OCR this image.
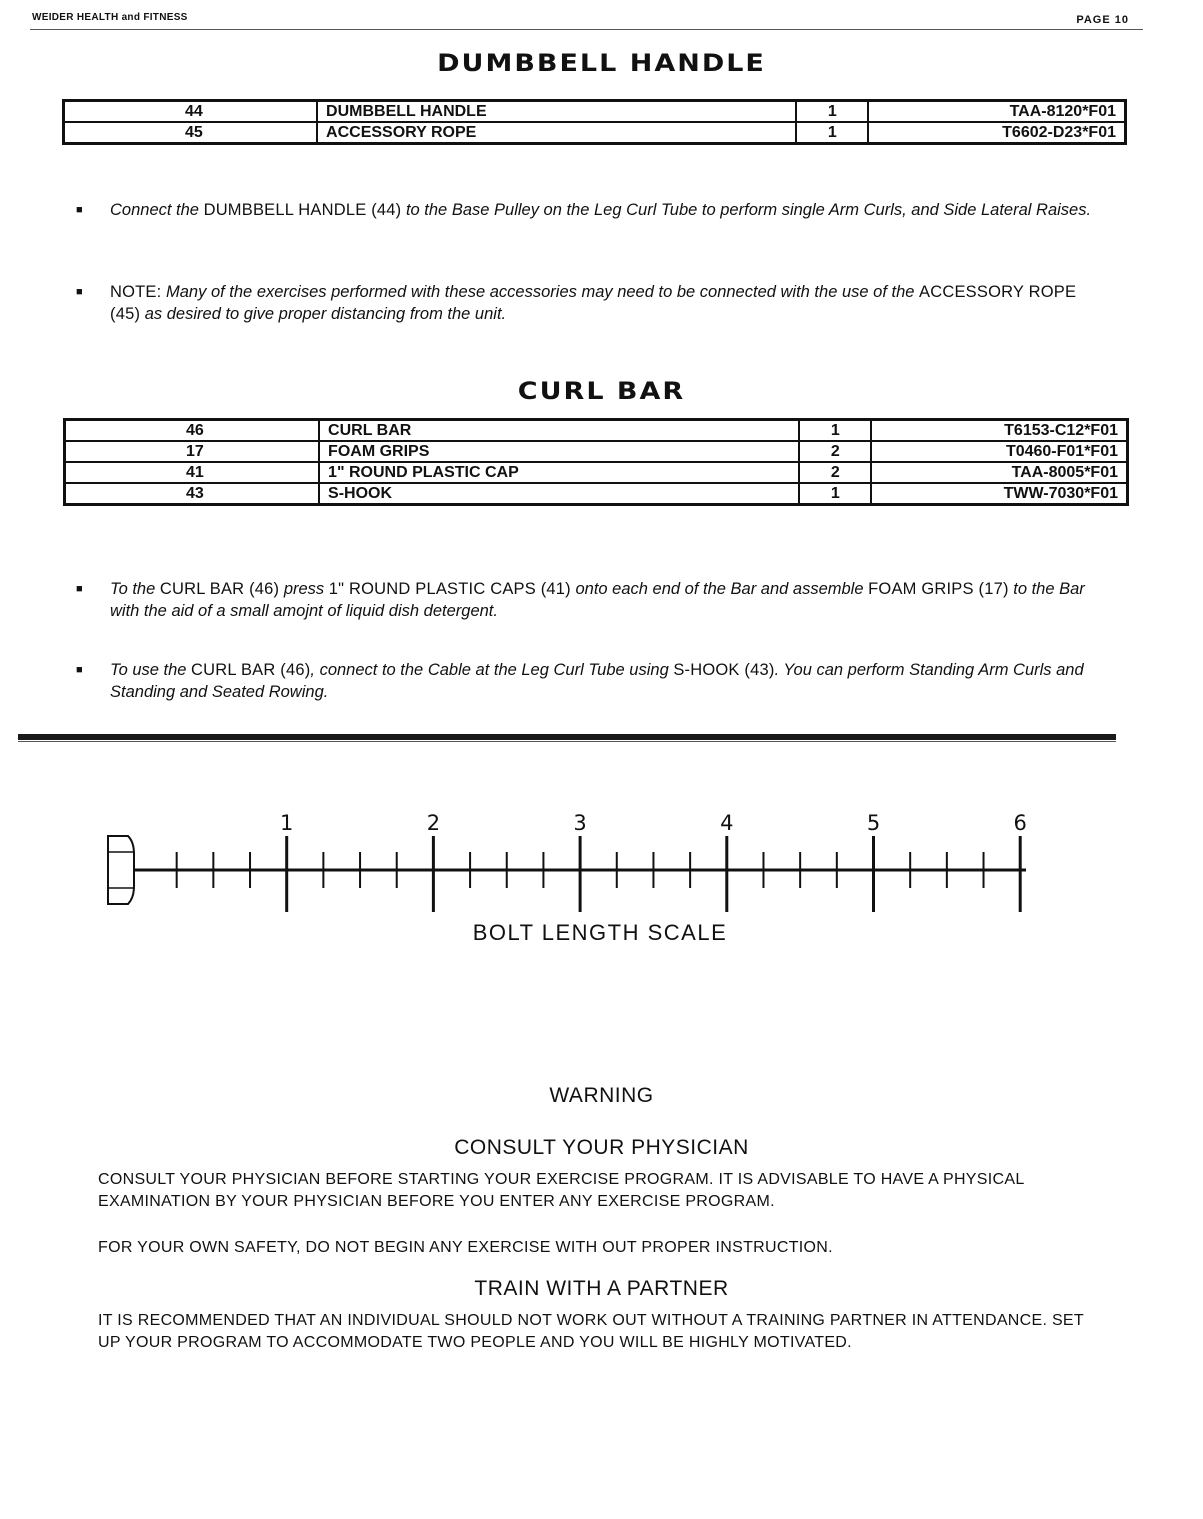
WEIDER HEALTH and FITNESS	PAGE 10
DUMBBELL HANDLE
44	DUMBBELL HANDLE	1	TAA-8120*F01
45	ACCESSORY ROPE	1	T6602-D23*F01
■ Connect the DUMBBELL HANDLE (44) to the Base Pulley on the Leg Curl Tube to perform single Arm Curls, and Side Lateral Raises.
■ NOTE: Many of the exercises performed with these accessories may need to be connected with the use of the ACCESSORY ROPE (45) as desired to give proper distancing from the unit.
CURL BAR
46	CURL BAR	1	T6153-C12*F01
17	FOAM GRIPS	2	T0460-F01*F01
41	1" ROUND PLASTIC CAP	2	TAA-8005*F01
43	S-HOOK	1	TWW-7030*F01
■ To the CURL BAR (46) press 1" ROUND PLASTIC CAPS (41) onto each end of the Bar and assemble FOAM GRIPS (17) to the Bar with the aid of a small amojnt of liquid dish detergent.
■ To use the CURL BAR (46), connect to the Cable at the Leg Curl Tube using S-HOOK (43). You can perform Standing Arm Curls and Standing and Seated Rowing.
1	2	3	4	5	6
BOLT LENGTH SCALE
WARNING
CONSULT YOUR PHYSICIAN
CONSULT YOUR PHYSICIAN BEFORE STARTING YOUR EXERCISE PROGRAM. IT IS ADVISABLE TO HAVE A PHYSICAL EXAMINATION BY YOUR PHYSICIAN BEFORE YOU ENTER ANY EXERCISE PROGRAM.
FOR YOUR OWN SAFETY, DO NOT BEGIN ANY EXERCISE WITH OUT PROPER INSTRUCTION.
TRAIN WITH A PARTNER
IT IS RECOMMENDED THAT AN INDIVIDUAL SHOULD NOT WORK OUT WITHOUT A TRAINING PARTNER IN ATTENDANCE. SET UP YOUR PROGRAM TO ACCOMMODATE TWO PEOPLE AND YOU WILL BE HIGHLY MOTIVATED.
